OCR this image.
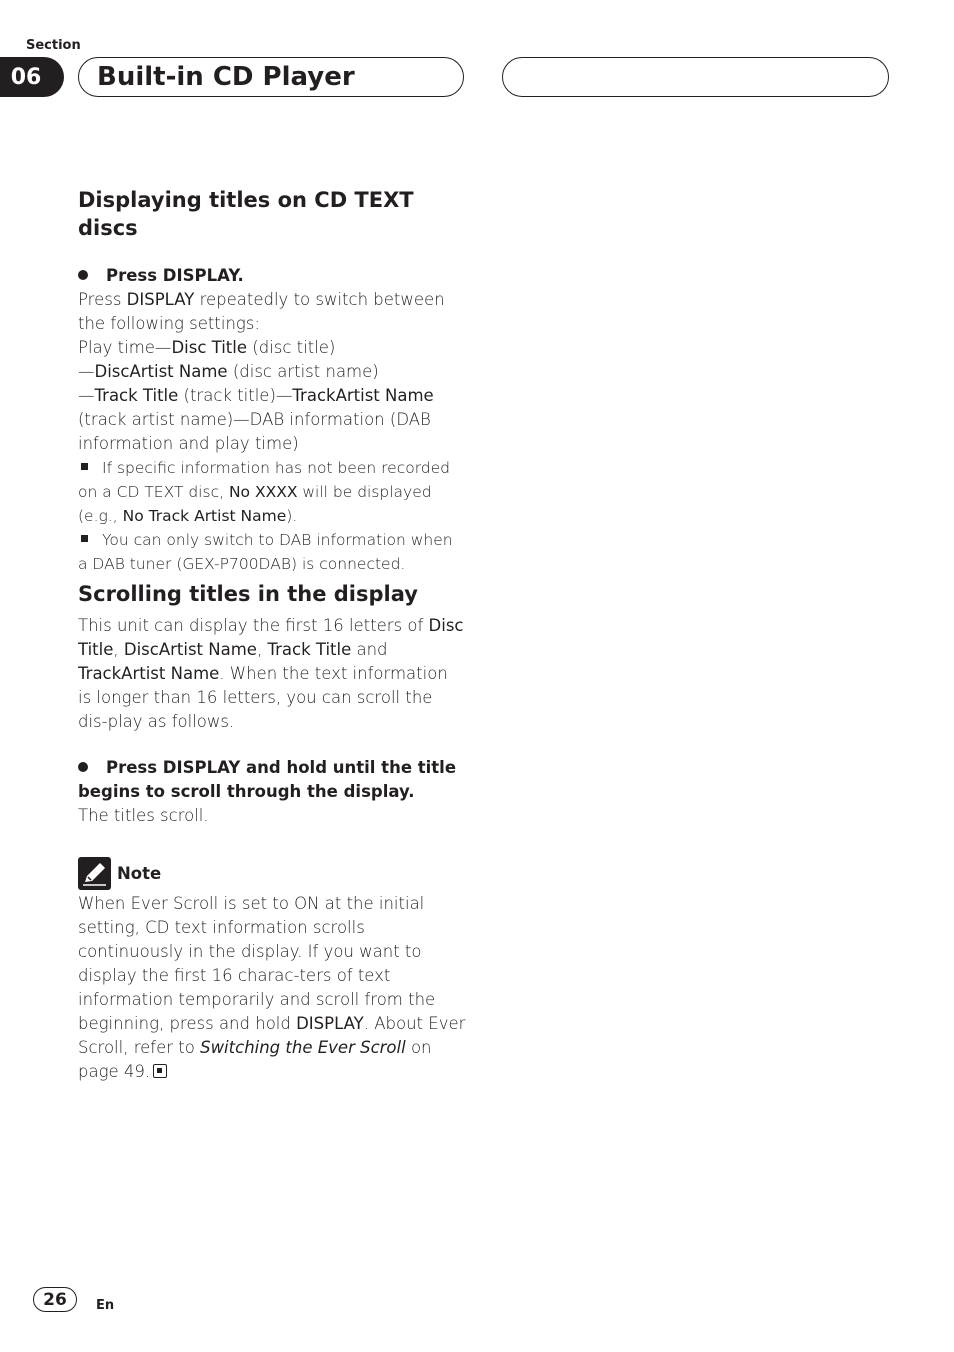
Section
06	Built-in CD Player
Displaying titles on CD TEXT discs
Press DISPLAY.
Press DISPLAY repeatedly to switch between the following settings:
Play time—Disc Title (disc title)
—DiscArtist Name (disc artist name)
—Track Title (track title)—TrackArtist Name
(track artist name)—DAB information (DAB information and play time)
If specific information has not been recorded on a CD TEXT disc, No XXXX will be displayed (e.g., No Track Artist Name).
You can only switch to DAB information when a DAB tuner (GEX-P700DAB) is connected.
Scrolling titles in the display
This unit can display the first 16 letters of Disc Title, DiscArtist Name, Track Title and TrackArtist Name. When the text information is longer than 16 letters, you can scroll the dis-play as follows.
Press DISPLAY and hold until the title begins to scroll through the display.
The titles scroll.
Note
When Ever Scroll is set to ON at the initial setting, CD text information scrolls continuously in the display. If you want to display the first 16 charac-ters of text information temporarily and scroll from the beginning, press and hold DISPLAY. About Ever Scroll, refer to Switching the Ever Scroll on page 49.
26	En
